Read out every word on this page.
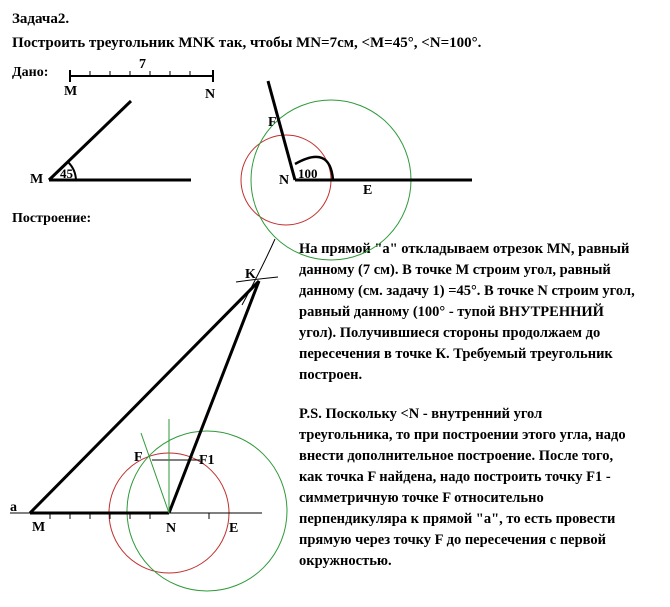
Задача2.
Построить треугольник MNK так, чтобы MN=7см, <M=45°, <N=100°.
Дано:
Построение:
На прямой "а" откладываем отрезок MN, равный данному (7 см). В точке М строим угол, равный данному (см. задачу 1) =45°. В точке N строим угол, равный данному (100° - тупой ВНУТРЕННИЙ угол). Получившиеся стороны продолжаем до пересечения в точке К. Требуемый треугольник построен.
P.S. Поскольку <N - внутренний угол треугольника, то при построении этого угла, надо внести дополнительное построение. После того, как точка F найдена, надо построить точку F1 - симметричную точке F относительно перпендикуляра к прямой "а", то есть провести прямую через точку F до пересечения с первой окружностью.
7
M	N
M 45
F
N 100
E
a
M	N	E
F	F1
K
